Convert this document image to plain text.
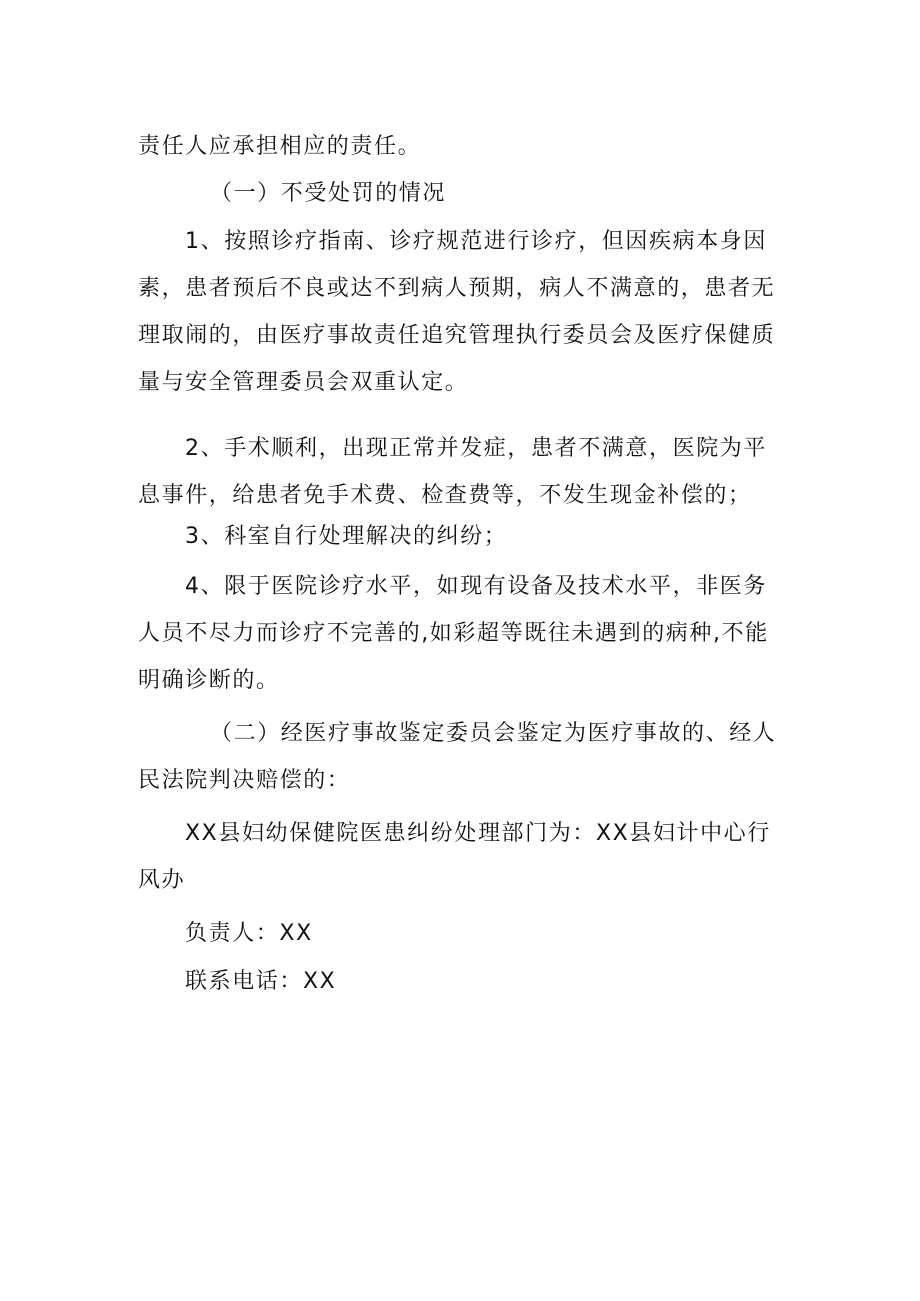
责任人应承担相应的责任。

（一）不受处罚的情况

1、按照诊疗指南、诊疗规范进行诊疗，但因疾病本身因素，患者预后不良或达不到病人预期，病人不满意的，患者无理取闹的，由医疗事故责任追究管理执行委员会及医疗保健质量与安全管理委员会双重认定。

2、手术顺利，出现正常并发症，患者不满意，医院为平息事件，给患者免手术费、检查费等，不发生现金补偿的；

3、科室自行处理解决的纠纷；

4、限于医院诊疗水平，如现有设备及技术水平，非医务人员不尽力而诊疗不完善的,如彩超等既往未遇到的病种,不能明确诊断的。

（二）经医疗事故鉴定委员会鉴定为医疗事故的、经人民法院判决赔偿的：

XX县妇幼保健院医患纠纷处理部门为：XX县妇计中心行风办

负责人：XX

联系电话：XX
